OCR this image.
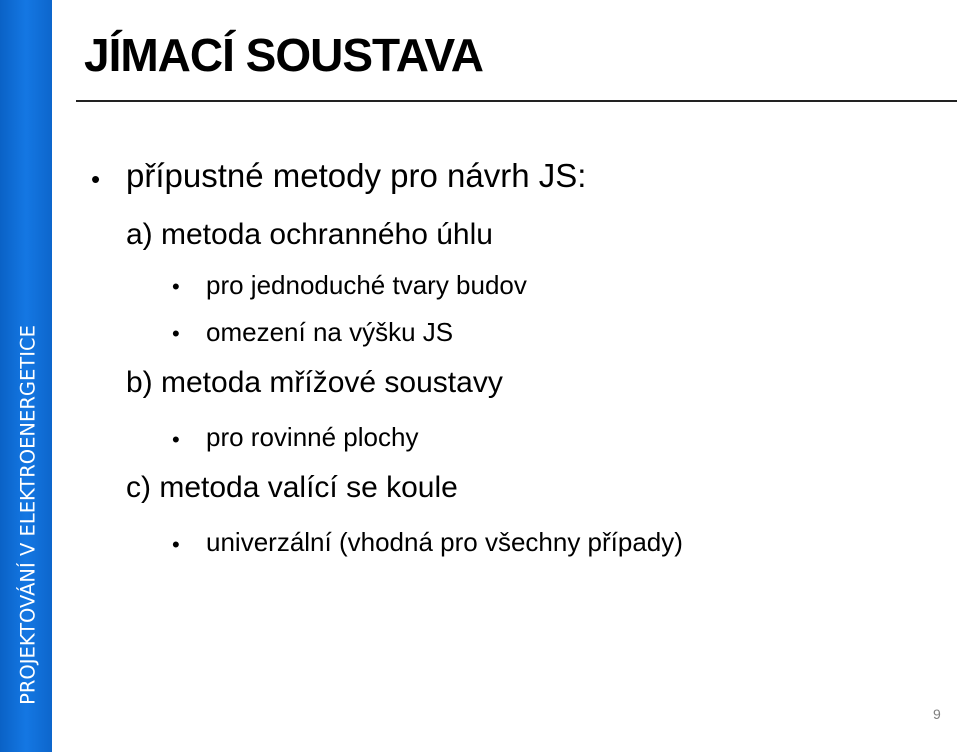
PROJEKTOVÁNÍ V ELEKTROENERGETICE
JÍMACÍ SOUSTAVA
• přípustné metody pro návrh JS:
a) metoda ochranného úhlu
• pro jednoduché tvary budov
• omezení na výšku JS
b) metoda mřížové soustavy
• pro rovinné plochy
c) metoda valící se koule
• univerzální (vhodná pro všechny případy)
9
